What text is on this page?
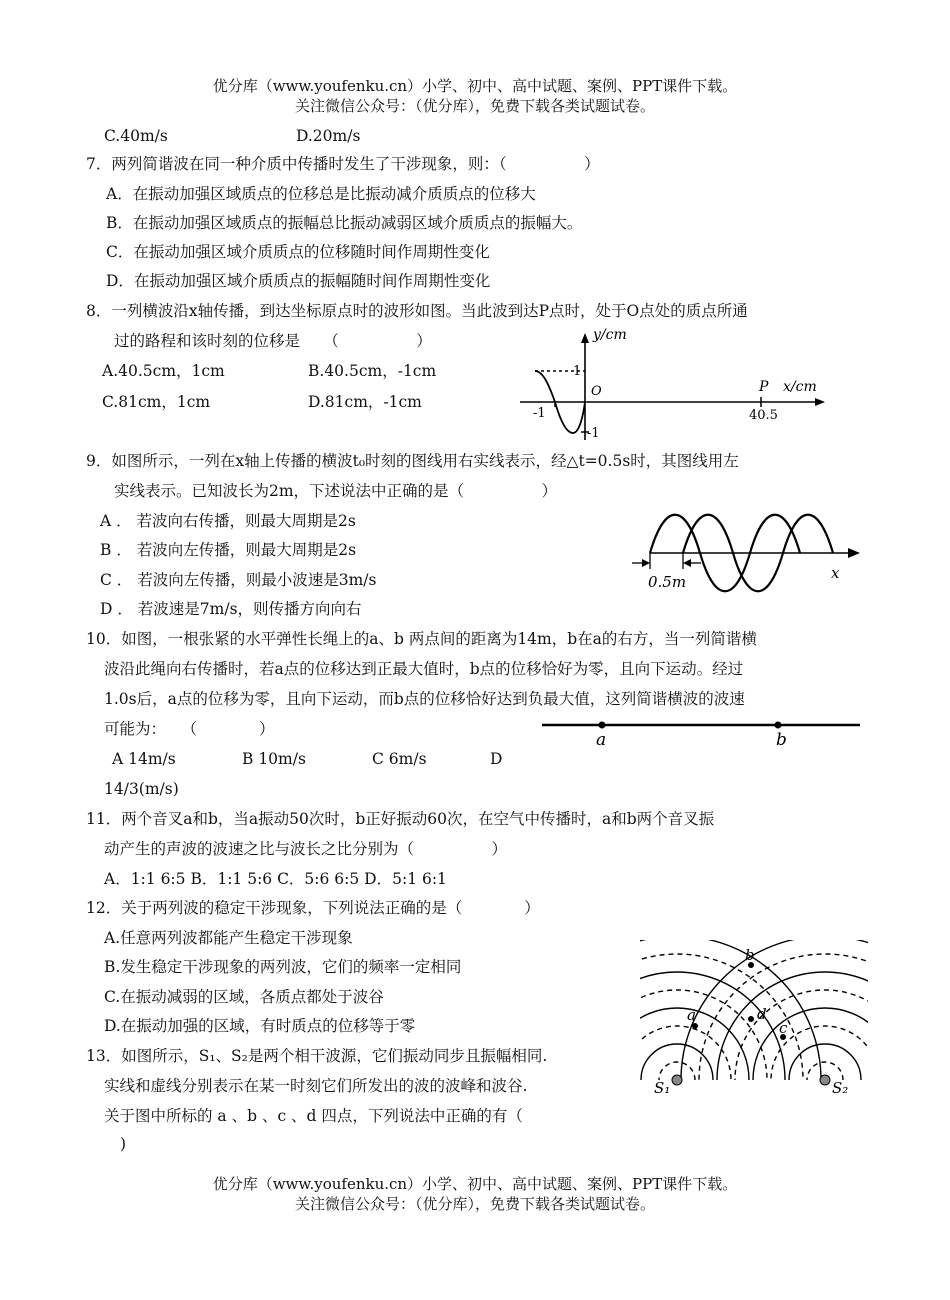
优分库（www.youfenku.cn）小学、初中、高中试题、案例、PPT课件下载。
关注微信公众号：（优分库），免费下载各类试题试卷。
C.40m/s	D.20m/s
7．两列简谐波在同一种介质中传播时发生了干涉现象，则：（　　　　　）
A．在振动加强区域质点的位移总是比振动减介质质点的位移大
B．在振动加强区域质点的振幅总比振动减弱区域介质质点的振幅大。
C．在振动加强区域介质质点的位移随时间作周期性变化
D．在振动加强区域介质质点的振幅随时间作周期性变化
8．一列横波沿x轴传播，到达坐标原点时的波形如图。当此波到达P点时，处于O点处的质点所通
过的路程和该时刻的位移是　　（　　　　　）
A.40.5cm，1cm	B.40.5cm，-1cm
C.81cm，1cm	D.81cm，-1cm
y/cm
1
O
-1
-1
P x/cm
40.5
9．如图所示，一列在x轴上传播的横波t₀时刻的图线用右实线表示，经△t=0.5s时，其图线用左
实线表示。已知波长为2m，下述说法中正确的是（　　　　　）
A ． 若波向右传播，则最大周期是2s
B ． 若波向左传播，则最大周期是2s
C ． 若波向左传播，则最小波速是3m/s
D ． 若波速是7m/s，则传播方向向右
0.5m	x
10．如图，一根张紧的水平弹性长绳上的a、b 两点间的距离为14m，b在a的右方，当一列简谐横
波沿此绳向右传播时，若a点的位移达到正最大值时，b点的位移恰好为零，且向下运动。经过
1.0s后，a点的位移为零，且向下运动，而b点的位移恰好达到负最大值，这列简谐横波的波速
可能为：　　（　　　　）
A 14m/s	B 10m/s	C 6m/s	D
14/3(m/s)
a	b
11．两个音叉a和b，当a振动50次时，b正好振动60次，在空气中传播时，a和b两个音叉振
动产生的声波的波速之比与波长之比分别为（　　　　　）
A．1:1 6:5 B．1:1 5:6 C．5:6 6:5 D．5:1 6:1
12．关于两列波的稳定干涉现象，下列说法正确的是（　　　　）
A.任意两列波都能产生稳定干涉现象
B.发生稳定干涉现象的两列波，它们的频率一定相同
C.在振动减弱的区域，各质点都处于波谷
D.在振动加强的区域，有时质点的位移等于零
13．如图所示，S₁、S₂是两个相干波源，它们振动同步且振幅相同.
实线和虚线分别表示在某一时刻它们所发出的波的波峰和波谷.
关于图中所标的 a 、b 、c 、d 四点，下列说法中正确的有（
)
b
a	d
c
S₁	S₂
优分库（www.youfenku.cn）小学、初中、高中试题、案例、PPT课件下载。
关注微信公众号：（优分库），免费下载各类试题试卷。
